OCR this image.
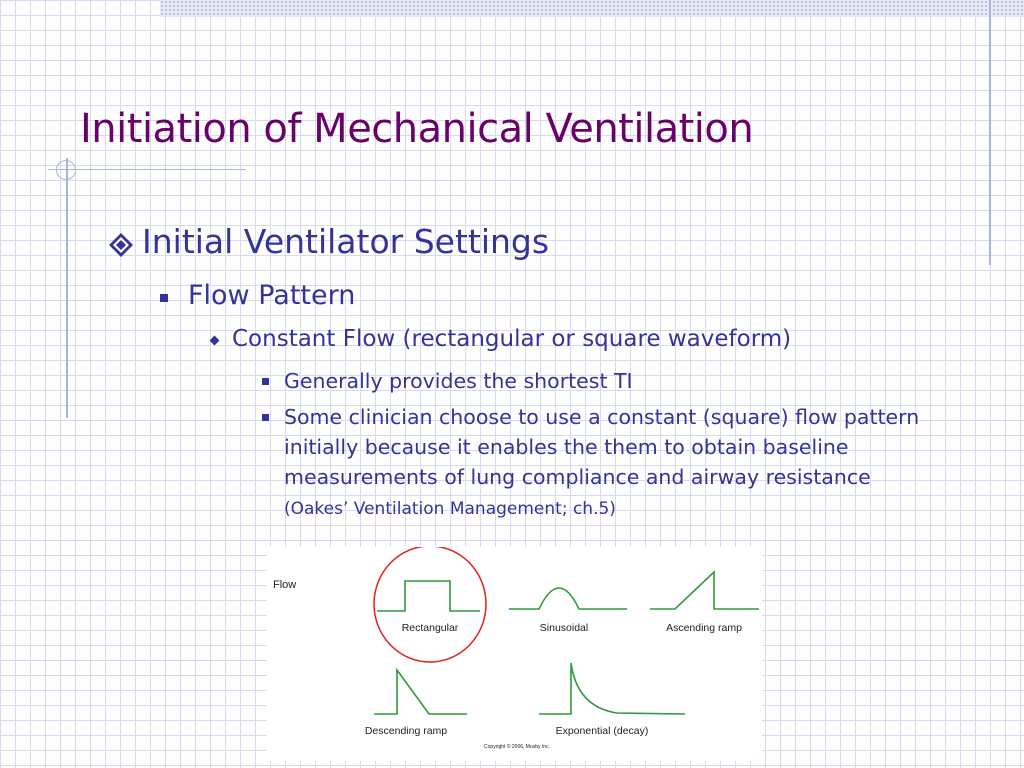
Initiation of Mechanical Ventilation
Initial Ventilator Settings
Flow Pattern
Constant Flow (rectangular or square waveform)
Generally provides the shortest TI
Some clinician choose to use a constant (square) flow pattern initially because it enables the them to obtain baseline measurements of lung compliance and airway resistance (Oakes’ Ventilation Management; ch.5)
Flow
Rectangular	Sinusoidal	Ascending ramp
Descending ramp	Exponential (decay)
Copyright © 2006, Mosby Inc.
